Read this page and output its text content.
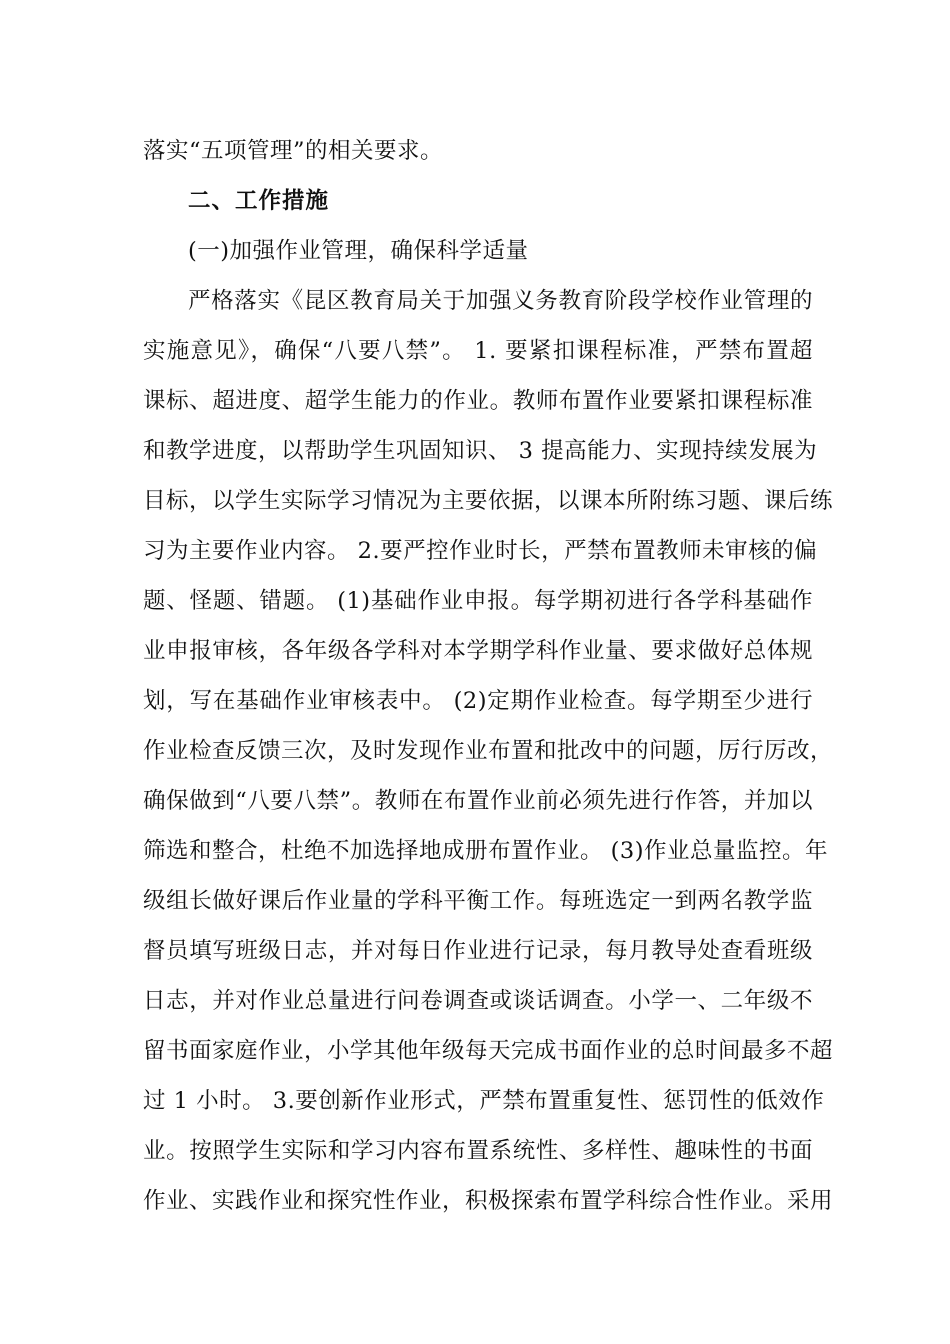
落实“五项管理”的相关要求。
二、工作措施
(一)加强作业管理，确保科学适量
严格落实《昆区教育局关于加强义务教育阶段学校作业管理的
实施意见》，确保“八要八禁”。 1. 要紧扣课程标准，严禁布置超
课标、超进度、超学生能力的作业。教师布置作业要紧扣课程标准
和教学进度，以帮助学生巩固知识、 3 提高能力、实现持续发展为
目标，以学生实际学习情况为主要依据，以课本所附练习题、课后练
习为主要作业内容。 2.要严控作业时长，严禁布置教师未审核的偏
题、怪题、错题。 (1)基础作业申报。每学期初进行各学科基础作
业申报审核，各年级各学科对本学期学科作业量、要求做好总体规
划，写在基础作业审核表中。 (2)定期作业检查。每学期至少进行
作业检查反馈三次，及时发现作业布置和批改中的问题，厉行厉改，
确保做到“八要八禁”。教师在布置作业前必须先进行作答，并加以
筛选和整合，杜绝不加选择地成册布置作业。 (3)作业总量监控。年
级组长做好课后作业量的学科平衡工作。每班选定一到两名教学监
督员填写班级日志，并对每日作业进行记录，每月教导处查看班级
日志，并对作业总量进行问卷调查或谈话调查。小学一、二年级不
留书面家庭作业，小学其他年级每天完成书面作业的总时间最多不超
过 1 小时。 3.要创新作业形式，严禁布置重复性、惩罚性的低效作
业。按照学生实际和学习内容布置系统性、多样性、趣味性的书面
作业、实践作业和探究性作业，积极探索布置学科综合性作业。采用
